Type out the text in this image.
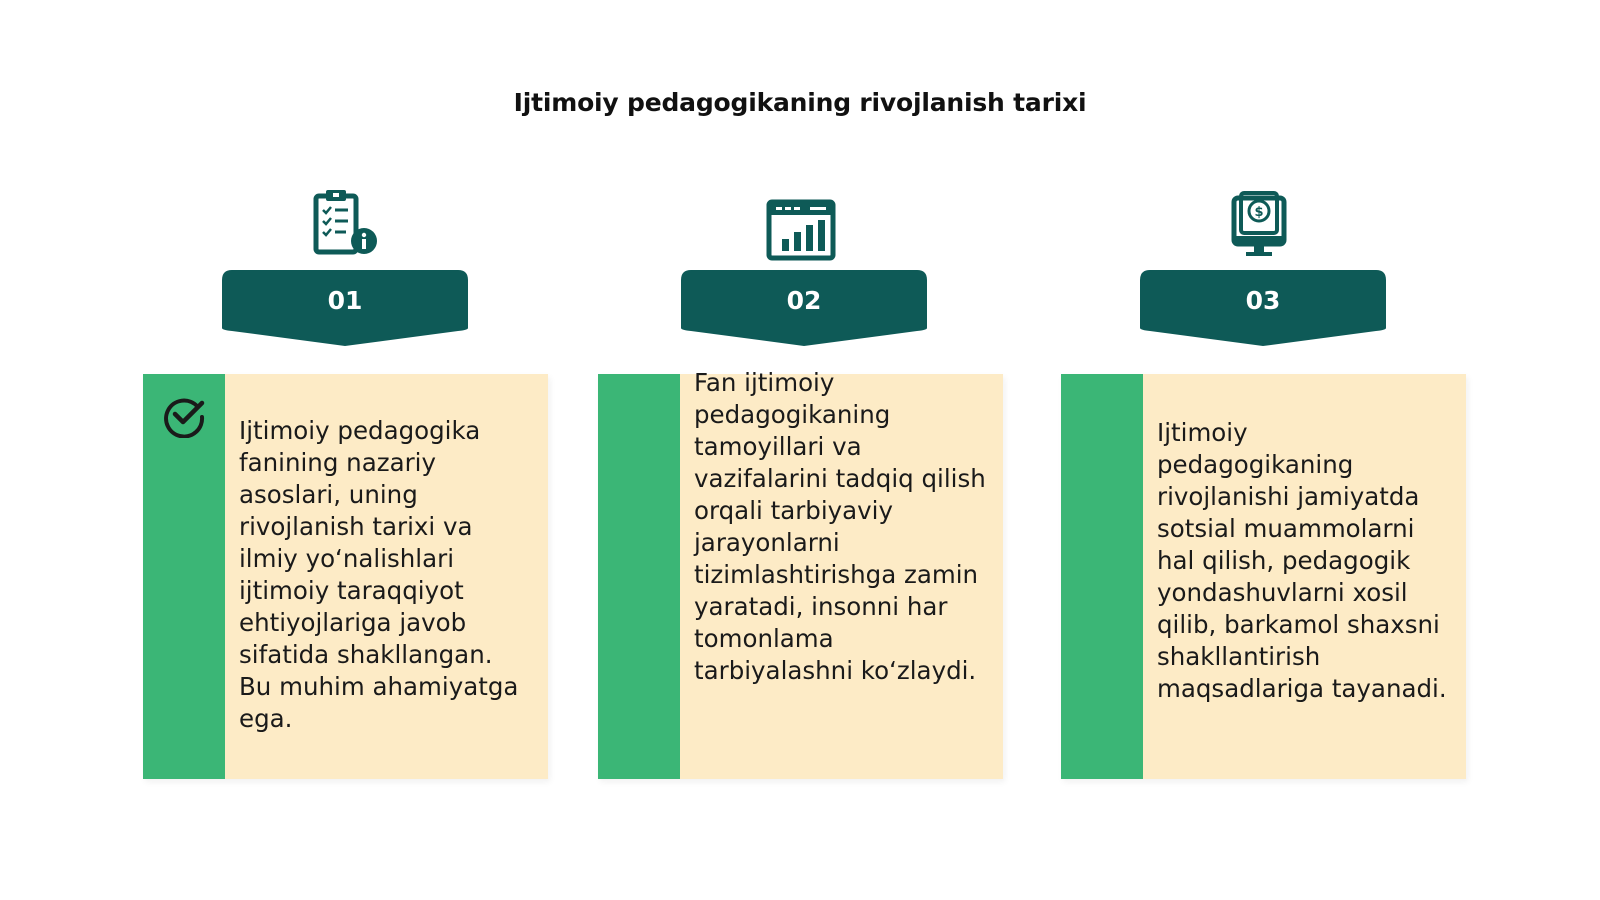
Ijtimoiy pedagogikaning rivojlanish tarixi
$
01	02	03
Ijtimoiy pedagogika fanining nazariy asoslari, uning rivojlanish tarixi va ilmiy yo‘nalishlari ijtimoiy taraqqiyot ehtiyojlariga javob sifatida shakllangan. Bu muhim ahamiyatga ega.
Fan ijtimoiy pedagogikaning tamoyillari va vazifalarini tadqiq qilish orqali tarbiyaviy jarayonlarni tizimlashtirishga zamin yaratadi, insonni har tomonlama tarbiyalashni ko‘zlaydi.
Ijtimoiy pedagogikaning rivojlanishi jamiyatda sotsial muammolarni hal qilish, pedagogik yondashuvlarni xosil qilib, barkamol shaxsni shakllantirish maqsadlariga tayanadi.
